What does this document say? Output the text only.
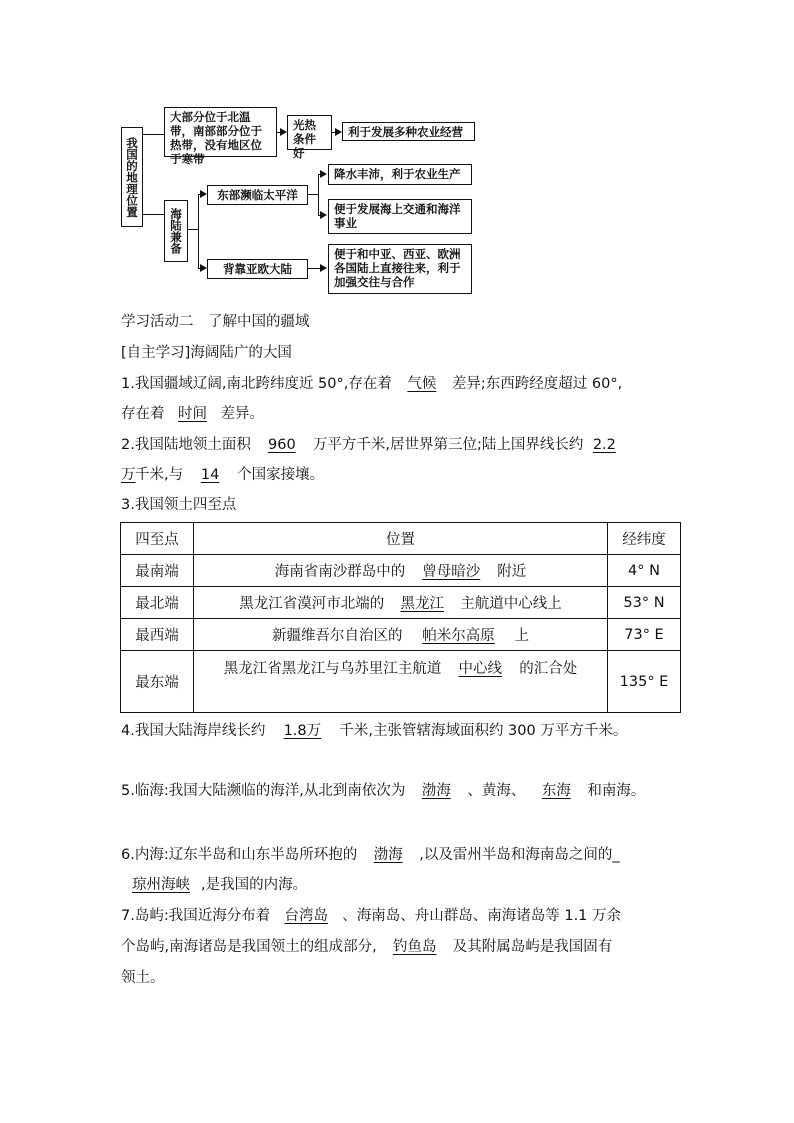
我国的地理位置
大部分位于北温带，南部部分位于热带，没有地区位于寒带
光热条件好
利于发展多种农业经营
海陆兼备
东部濒临太平洋
降水丰沛，利于农业生产
便于发展海上交通和海洋事业
背靠亚欧大陆
便于和中亚、西亚、欧洲各国陆上直接往来，利于加强交往与合作
学习活动二　了解中国的疆域
[自主学习]海阔陆广的大国
1.我国疆域辽阔,南北跨纬度近 50°,存在着 气候 差异;东西跨经度超过 60°,
存在着 时间 差异。
2.我国陆地领土面积 960 万平方千米,居世界第三位;陆上国界线长约 2.2
万千米,与 14 个国家接壤。
3.我国领土四至点
四至点	位置	经纬度
最南端	海南省南沙群岛中的 曾母暗沙 附近	4° N
最北端	黑龙江省漠河市北端的 黑龙江 主航道中心线上	53° N
最西端	新疆维吾尔自治区的 帕米尔高原 上	73° E
最东端	黑龙江省黑龙江与乌苏里江主航道 中心线 的汇合处	135° E
4.我国大陆海岸线长约 1.8万 千米,主张管辖海域面积约 300 万平方千米。
5.临海:我国大陆濒临的海洋,从北到南依次为 渤海 、黄海、 东海 和南海。
6.内海:辽东半岛和山东半岛所环抱的 渤海 ,以及雷州半岛和海南岛之间的_
琼州海峡 ,是我国的内海。
7.岛屿:我国近海分布着 台湾岛 、海南岛、舟山群岛、南海诸岛等 1.1 万余
个岛屿,南海诸岛是我国领土的组成部分, 钓鱼岛 及其附属岛屿是我国固有
领土。
